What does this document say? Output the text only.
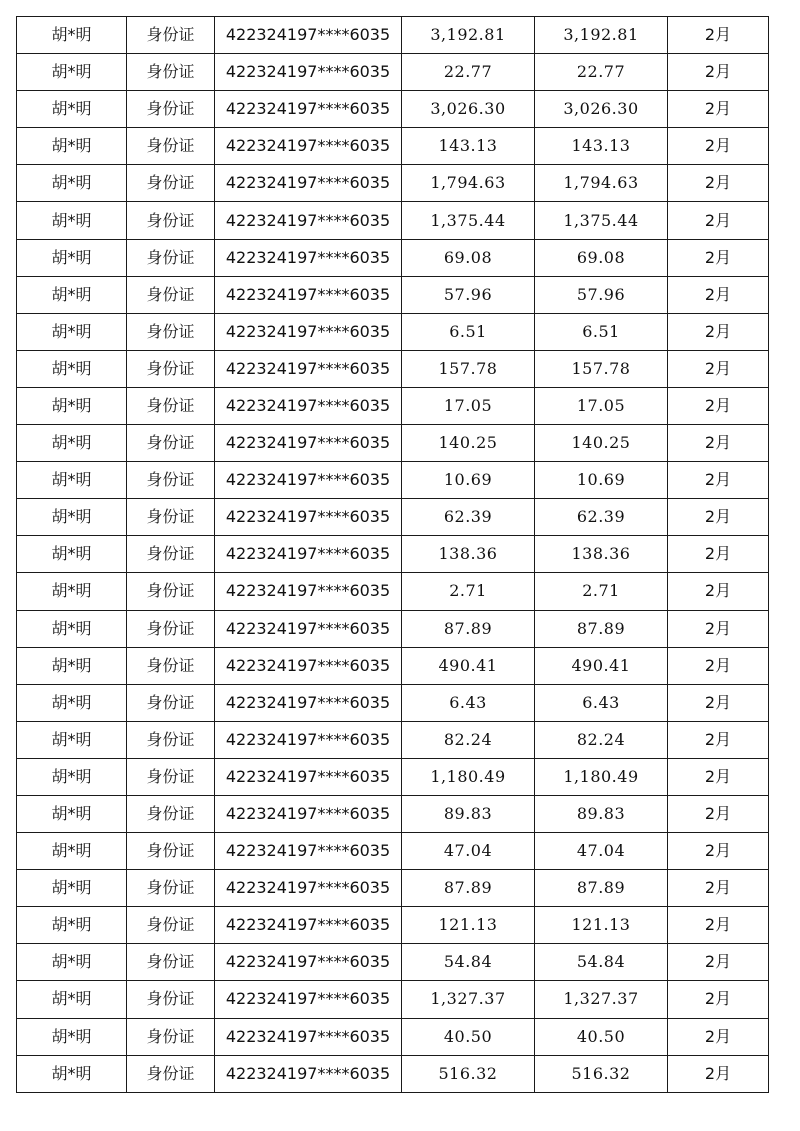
胡*明	身份证	422324197****6035	3,192.81	3,192.81	2月
胡*明	身份证	422324197****6035	22.77	22.77	2月
胡*明	身份证	422324197****6035	3,026.30	3,026.30	2月
胡*明	身份证	422324197****6035	143.13	143.13	2月
胡*明	身份证	422324197****6035	1,794.63	1,794.63	2月
胡*明	身份证	422324197****6035	1,375.44	1,375.44	2月
胡*明	身份证	422324197****6035	69.08	69.08	2月
胡*明	身份证	422324197****6035	57.96	57.96	2月
胡*明	身份证	422324197****6035	6.51	6.51	2月
胡*明	身份证	422324197****6035	157.78	157.78	2月
胡*明	身份证	422324197****6035	17.05	17.05	2月
胡*明	身份证	422324197****6035	140.25	140.25	2月
胡*明	身份证	422324197****6035	10.69	10.69	2月
胡*明	身份证	422324197****6035	62.39	62.39	2月
胡*明	身份证	422324197****6035	138.36	138.36	2月
胡*明	身份证	422324197****6035	2.71	2.71	2月
胡*明	身份证	422324197****6035	87.89	87.89	2月
胡*明	身份证	422324197****6035	490.41	490.41	2月
胡*明	身份证	422324197****6035	6.43	6.43	2月
胡*明	身份证	422324197****6035	82.24	82.24	2月
胡*明	身份证	422324197****6035	1,180.49	1,180.49	2月
胡*明	身份证	422324197****6035	89.83	89.83	2月
胡*明	身份证	422324197****6035	47.04	47.04	2月
胡*明	身份证	422324197****6035	87.89	87.89	2月
胡*明	身份证	422324197****6035	121.13	121.13	2月
胡*明	身份证	422324197****6035	54.84	54.84	2月
胡*明	身份证	422324197****6035	1,327.37	1,327.37	2月
胡*明	身份证	422324197****6035	40.50	40.50	2月
胡*明	身份证	422324197****6035	516.32	516.32	2月
